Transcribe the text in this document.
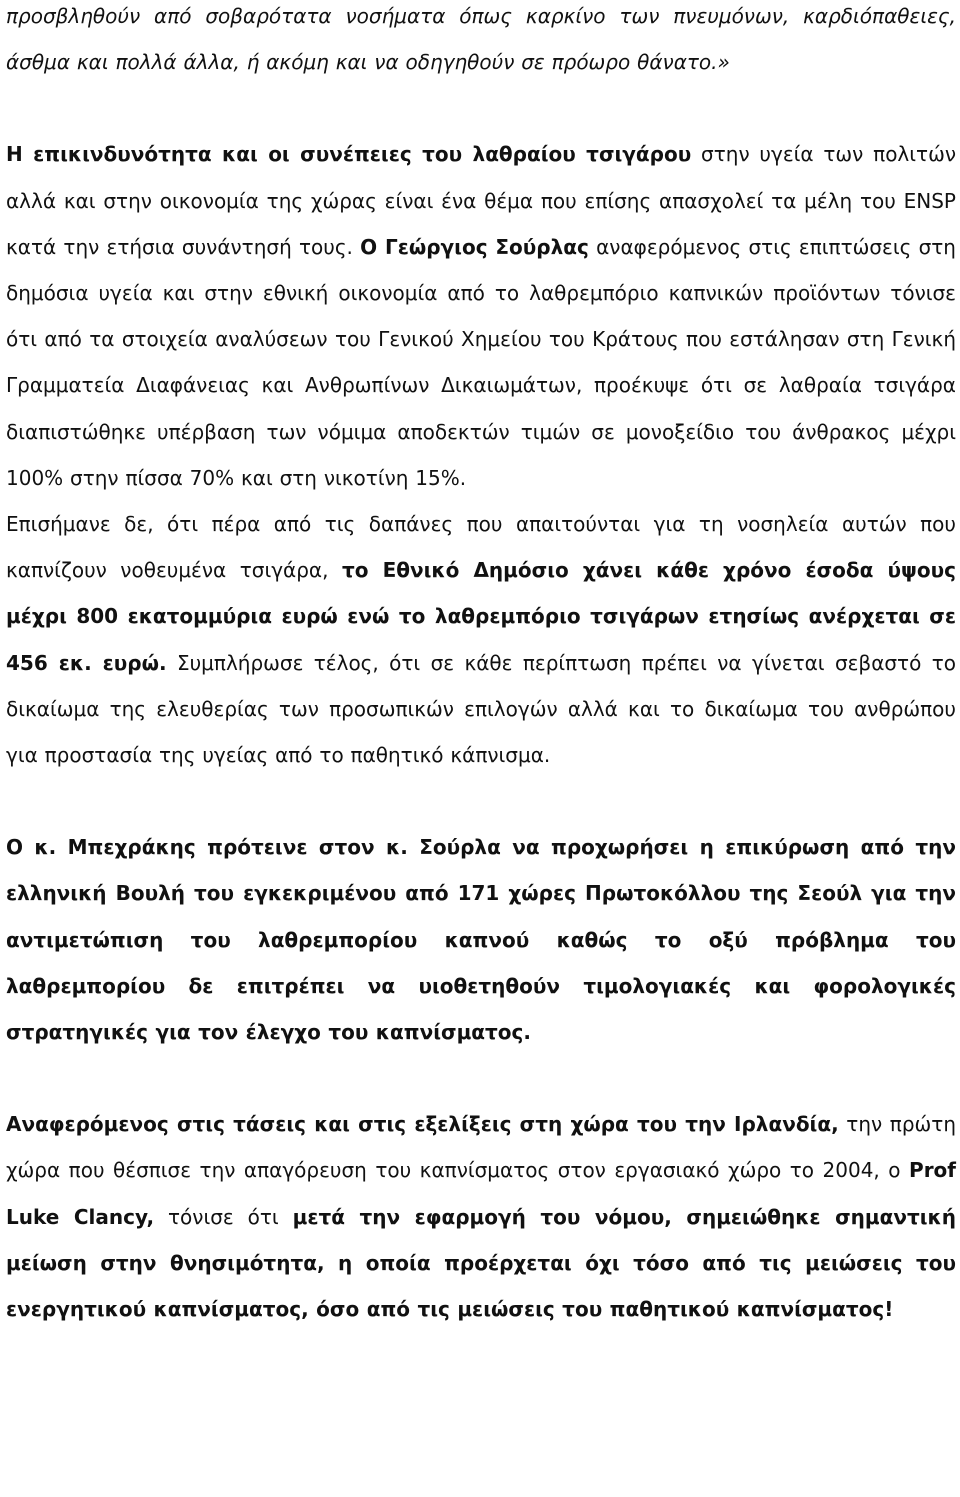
προσβληθούν από σοβαρότατα νοσήματα όπως καρκίνο των πνευμόνων, καρδιόπαθειες, άσθμα και πολλά άλλα, ή ακόμη και να οδηγηθούν σε πρόωρο θάνατο.»

Η επικινδυνότητα και οι συνέπειες του λαθραίου τσιγάρου στην υγεία των πολιτών αλλά και στην οικονομία της χώρας είναι ένα θέμα που επίσης απασχολεί τα μέλη του ENSP κατά την ετήσια συνάντησή τους. Ο Γεώργιος Σούρλας αναφερόμενος στις επιπτώσεις στη δημόσια υγεία και στην εθνική οικονομία από το λαθρεμπόριο καπνικών προϊόντων τόνισε ότι από τα στοιχεία αναλύσεων του Γενικού Χημείου του Κράτους που εστάλησαν στη Γενική Γραμματεία Διαφάνειας και Ανθρωπίνων Δικαιωμάτων, προέκυψε ότι σε λαθραία τσιγάρα διαπιστώθηκε υπέρβαση των νόμιμα αποδεκτών τιμών σε μονοξείδιο του άνθρακος μέχρι 100% στην πίσσα 70% και στη νικοτίνη 15%.

Επισήμανε δε, ότι πέρα από τις δαπάνες που απαιτούνται για τη νοσηλεία αυτών που καπνίζουν νοθευμένα τσιγάρα, το Εθνικό Δημόσιο χάνει κάθε χρόνο έσοδα ύψους μέχρι 800 εκατομμύρια ευρώ ενώ το λαθρεμπόριο τσιγάρων ετησίως ανέρχεται σε 456 εκ. ευρώ. Συμπλήρωσε τέλος, ότι σε κάθε περίπτωση πρέπει να γίνεται σεβαστό το δικαίωμα της ελευθερίας των προσωπικών επιλογών αλλά και το δικαίωμα του ανθρώπου για προστασία της υγείας από το παθητικό κάπνισμα.

Ο κ. Μπεχράκης πρότεινε στον κ. Σούρλα να προχωρήσει η επικύρωση από την ελληνική Βουλή του εγκεκριμένου από 171 χώρες Πρωτοκόλλου της Σεούλ για την αντιμετώπιση του λαθρεμπορίου καπνού καθώς το οξύ πρόβλημα του λαθρεμπορίου δε επιτρέπει να υιοθετηθούν τιμολογιακές και φορολογικές στρατηγικές για τον έλεγχο του καπνίσματος.

Αναφερόμενος στις τάσεις και στις εξελίξεις στη χώρα του την Ιρλανδία, την πρώτη χώρα που θέσπισε την απαγόρευση του καπνίσματος στον εργασιακό χώρο το 2004, ο Prof Luke Clancy, τόνισε ότι μετά την εφαρμογή του νόμου, σημειώθηκε σημαντική μείωση στην θνησιμότητα, η οποία προέρχεται όχι τόσο από τις μειώσεις του ενεργητικού καπνίσματος, όσο από τις μειώσεις του παθητικού καπνίσματος!
